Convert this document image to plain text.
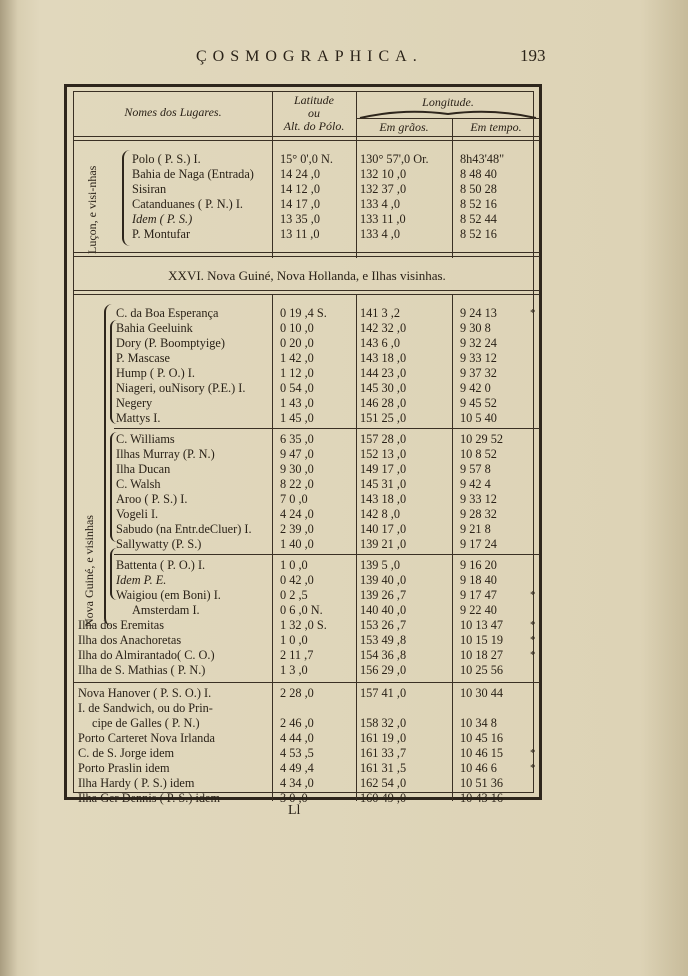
ÇOSMOGRAPHICA.	193
Nomes dos Lugares.
Latitude
ou
Alt. do Pólo.
Longitude.
Em grãos.	Em tempo.
Luçon, e visi-nhas
Polo ( P. S.) I.	15° 0',0 N.	130° 57',0 Or.	8h43'48"
Bahia de Naga (Entrada)	14 24 ,0	132 10 ,0	8 48 40
Sisiran	14 12 ,0	132 37 ,0	8 50 28
Catanduanes ( P. N.) I.	14 17 ,0	133 4 ,0	8 52 16
Idem ( P. S.)	13 35 ,0	133 11 ,0	8 52 44
P. Montufar	13 11 ,0	133 4 ,0	8 52 16
XXVI. Nova Guiné, Nova Hollanda, e Ilhas visinhas.
Nova Guiné, e visinhas
C. da Boa Esperança	0 19 ,4 S.	141 3 ,2	9 24 13	*
Bahia Geeluink	0 10 ,0	142 32 ,0	9 30 8
Dory (P. Boomptyige)	0 20 ,0	143 6 ,0	9 32 24
P. Mascase	1 42 ,0	143 18 ,0	9 33 12
Hump ( P. O.) I.	1 12 ,0	144 23 ,0	9 37 32
Niageri, ouNisory (P.E.) I.	0 54 ,0	145 30 ,0	9 42 0
Negery	1 43 ,0	146 28 ,0	9 45 52
Mattys I.	1 45 ,0	151 25 ,0	10 5 40
C. Williams	6 35 ,0	157 28 ,0	10 29 52
Ilhas Murray (P. N.)	9 47 ,0	152 13 ,0	10 8 52
Ilha Ducan	9 30 ,0	149 17 ,0	9 57 8
C. Walsh	8 22 ,0	145 31 ,0	9 42 4
Aroo ( P. S.) I.	7 0 ,0	143 18 ,0	9 33 12
Vogeli I.	4 24 ,0	142 8 ,0	9 28 32
Sabudo (na Entr.deCluer) I.	2 39 ,0	140 17 ,0	9 21 8
Sallywatty (P. S.)	1 40 ,0	139 21 ,0	9 17 24
Battenta ( P. O.) I.	1 0 ,0	139 5 ,0	9 16 20
Idem P. E.	0 42 ,0	139 40 ,0	9 18 40
Waigiou (em Boni) I.	0 2 ,5	139 26 ,7	9 17 47	*
Amsterdam I.	0 6 ,0 N.	140 40 ,0	9 22 40
Ilha dos Eremitas	1 32 ,0 S.	153 26 ,7	10 13 47	*
Ilha dos Anachoretas	1 0 ,0	153 49 ,8	10 15 19	*
Ilha do Almirantado( C. O.)	2 11 ,7	154 36 ,8	10 18 27	*
Ilha de S. Mathias ( P. N.)	1 3 ,0	156 29 ,0	10 25 56
Nova Hanover ( P. S. O.) I.	2 28 ,0	157 41 ,0	10 30 44
I. de Sandwich, ou do Prin-
cipe de Galles ( P. N.)	2 46 ,0	158 32 ,0	10 34 8
Porto Carteret Nova Irlanda	4 44 ,0	161 19 ,0	10 45 16
C. de S. Jorge idem	4 53 ,5	161 33 ,7	10 46 15	*
Porto Praslin idem	4 49 ,4	161 31 ,5	10 46 6	*
Ilha Hardy ( P. S.) idem	4 34 ,0	162 54 ,0	10 51 36
Ilha Ger Dennis ( P. S.) idem	3 0 ,0	160 49 ,0	10 43 16
Ll
